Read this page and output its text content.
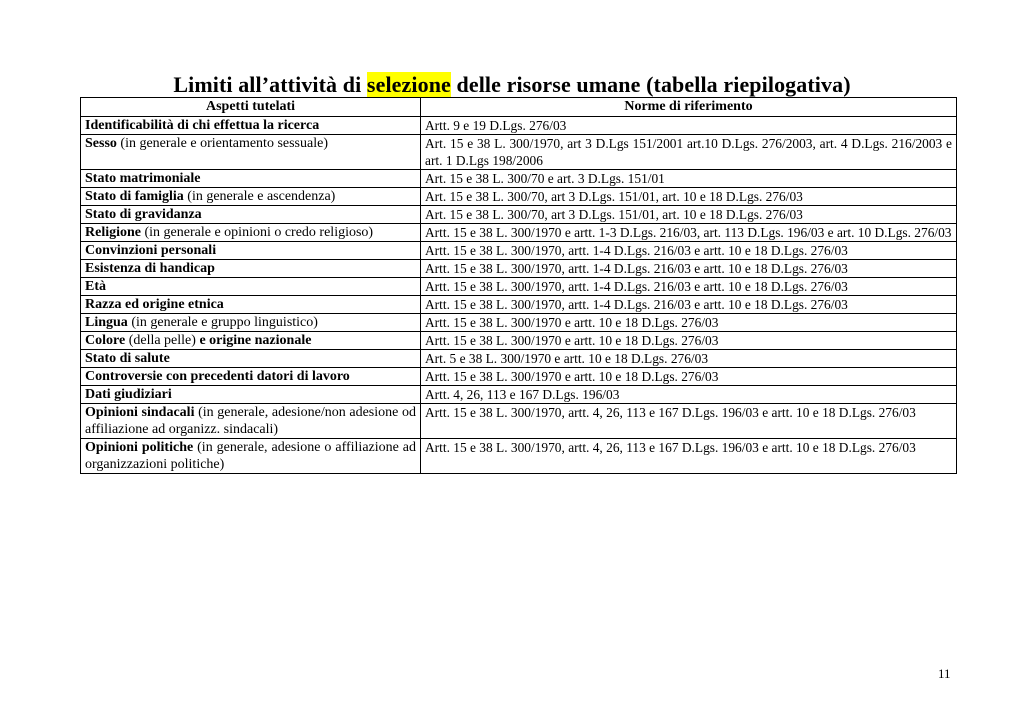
Limiti all’attività di selezione delle risorse umane (tabella riepilogativa)
Aspetti tutelati	Norme di riferimento
Identificabilità di chi effettua la ricerca	Artt. 9 e 19 D.Lgs. 276/03
Sesso (in generale e orientamento sessuale)	Art. 15 e 38 L. 300/1970, art 3 D.Lgs 151/2001 art.10 D.Lgs. 276/2003, art. 4 D.Lgs. 216/2003 e art. 1 D.Lgs 198/2006
Stato matrimoniale	Art. 15 e 38 L. 300/70 e art. 3 D.Lgs. 151/01
Stato di famiglia (in generale e ascendenza)	Art. 15 e 38 L. 300/70, art 3 D.Lgs. 151/01, art. 10 e 18 D.Lgs. 276/03
Stato di gravidanza	Art. 15 e 38 L. 300/70, art 3 D.Lgs. 151/01, art. 10 e 18 D.Lgs. 276/03
Religione (in generale e opinioni o credo religioso)	Artt. 15 e 38 L. 300/1970 e artt. 1-3 D.Lgs. 216/03, art. 113 D.Lgs. 196/03 e art. 10 D.Lgs. 276/03
Convinzioni personali	Artt. 15 e 38 L. 300/1970, artt. 1-4 D.Lgs. 216/03 e artt. 10 e 18 D.Lgs. 276/03
Esistenza di handicap	Artt. 15 e 38 L. 300/1970, artt. 1-4 D.Lgs. 216/03 e artt. 10 e 18 D.Lgs. 276/03
Età	Artt. 15 e 38 L. 300/1970, artt. 1-4 D.Lgs. 216/03 e artt. 10 e 18 D.Lgs. 276/03
Razza ed origine etnica	Artt. 15 e 38 L. 300/1970, artt. 1-4 D.Lgs. 216/03 e artt. 10 e 18 D.Lgs. 276/03
Lingua (in generale e gruppo linguistico)	Artt. 15 e 38 L. 300/1970 e artt. 10 e 18 D.Lgs. 276/03
Colore (della pelle) e origine nazionale	Artt. 15 e 38 L. 300/1970 e artt. 10 e 18 D.Lgs. 276/03
Stato di salute	Art. 5 e 38 L. 300/1970 e artt. 10 e 18 D.Lgs. 276/03
Controversie con precedenti datori di lavoro	Artt. 15 e 38 L. 300/1970 e artt. 10 e 18 D.Lgs. 276/03
Dati giudiziari	Artt. 4, 26, 113 e 167 D.Lgs. 196/03
Opinioni sindacali (in generale, adesione/non adesione od affiliazione ad organizz. sindacali)	Artt. 15 e 38 L. 300/1970, artt. 4, 26, 113 e 167 D.Lgs. 196/03 e artt. 10 e 18 D.Lgs. 276/03
Opinioni politiche (in generale, adesione o affiliazione ad organizzazioni politiche)	Artt. 15 e 38 L. 300/1970, artt. 4, 26, 113 e 167 D.Lgs. 196/03 e artt. 10 e 18 D.Lgs. 276/03
11
